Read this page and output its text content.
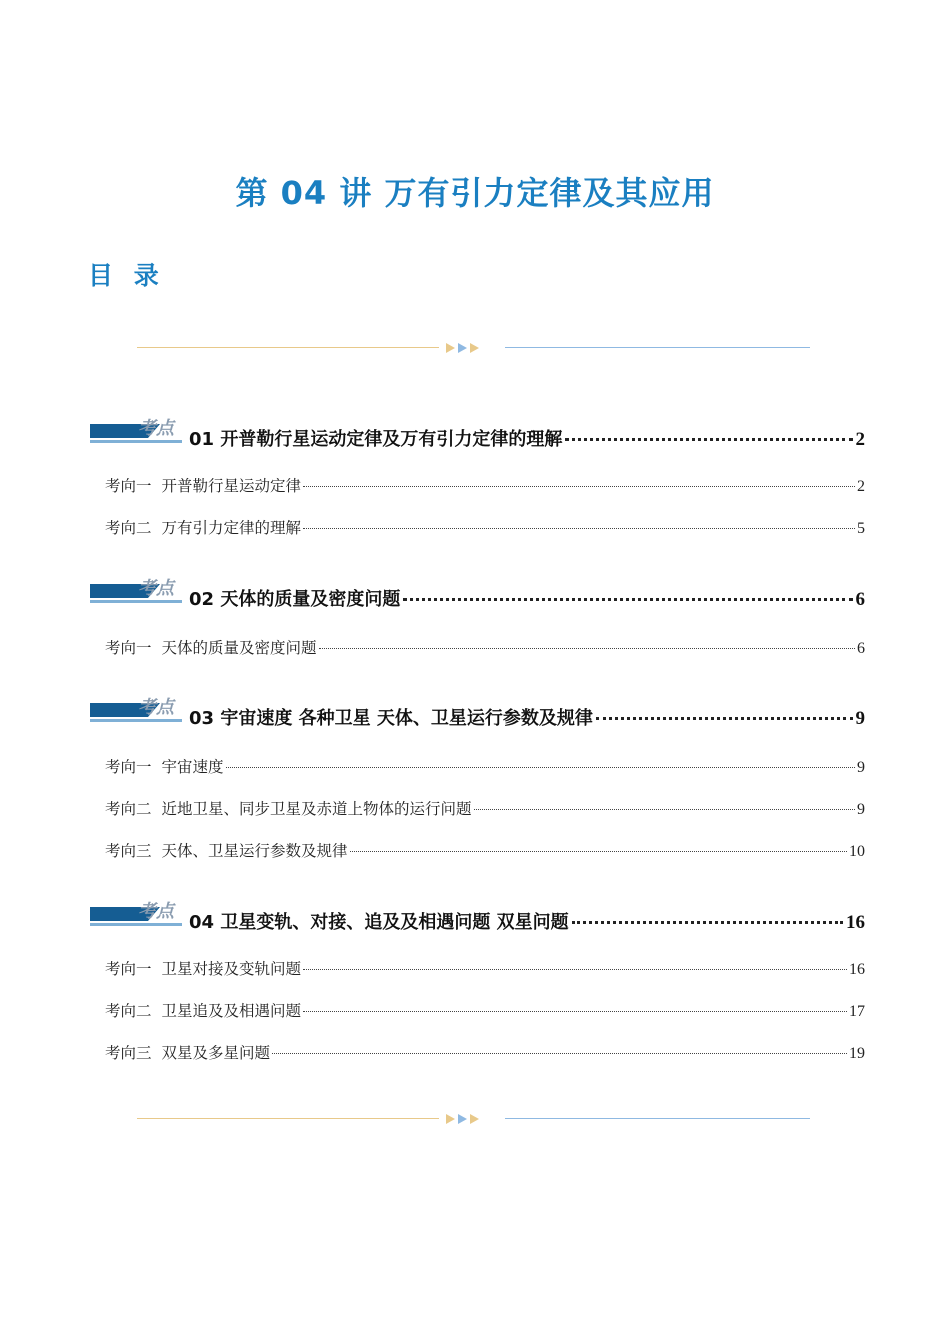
第 04 讲 万有引力定律及其应用
目 录
考点
01 开普勒行星运动定律及万有引力定律的理解	2
考向一 开普勒行星运动定律	2
考向二 万有引力定律的理解	5
考点
02 天体的质量及密度问题	6
考向一 天体的质量及密度问题	6
考点
03 宇宙速度 各种卫星 天体、卫星运行参数及规律	9
考向一 宇宙速度	9
考向二 近地卫星、同步卫星及赤道上物体的运行问题	9
考向三 天体、卫星运行参数及规律	10
考点
04 卫星变轨、对接、追及及相遇问题 双星问题	16
考向一 卫星对接及变轨问题	16
考向二 卫星追及及相遇问题	17
考向三 双星及多星问题	19
